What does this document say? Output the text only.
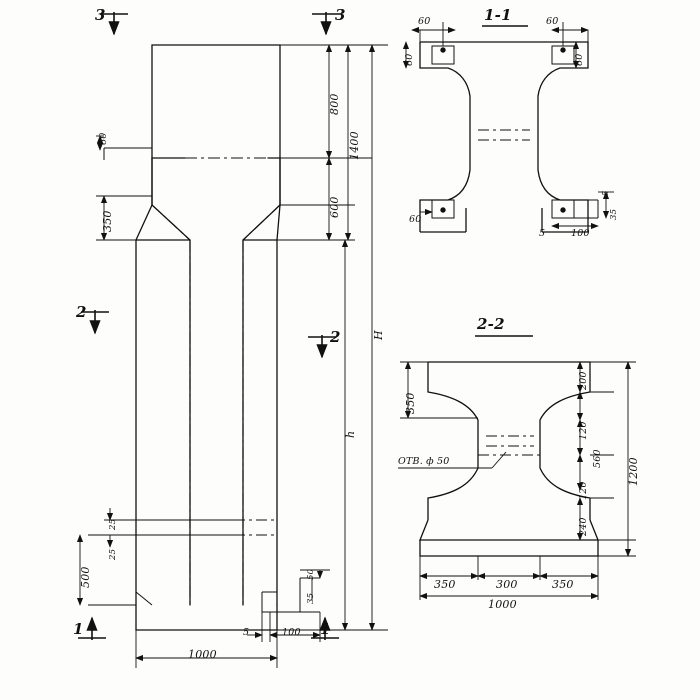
1-1
2-2
3	3
2
2
1	1
800
1400
600
H
h
350
60
500
25
25
50
35
5	100
1000
60
60
60
60
60
5
35
5	100
350
200
120
560
120
240
1200
ОТВ. ф 50
350	300	350
1000
